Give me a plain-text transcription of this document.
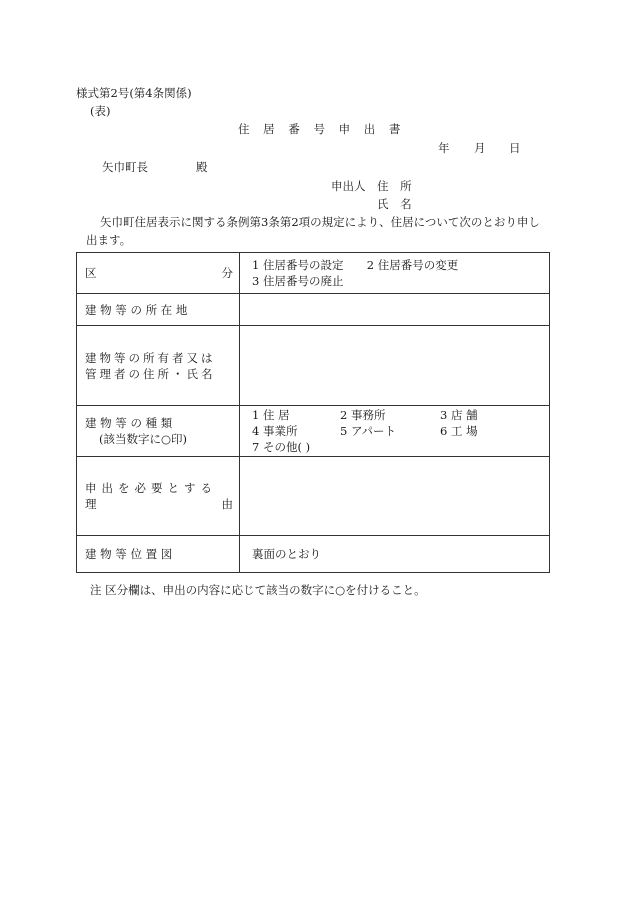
様式第2号(第4条関係)
(表)
住 居 番 号 申 出 書
年 月 日
矢巾町長	殿
申出人 住 所
氏 名
矢巾町住居表示に関する条例第3条第2項の規定により、住居について次のとおり申し
出ます。
区 分	1 住居番号の設定 2 住居番号の変更
3 住居番号の廃止

建 物 等 の 所 在 地	

建物等の所有者又は
管理者の住所・氏名	

建 物 等 の 種 類
(該当数字に○印)	1 住 居 2 事務所 3 店 舗
4 事業所 5 アパート 6 工 場
7 その他( )

申出を必要とする
理 由	

建 物 等 位 置 図	裏面のとおり
注 区分欄は、申出の内容に応じて該当の数字に○を付けること。
